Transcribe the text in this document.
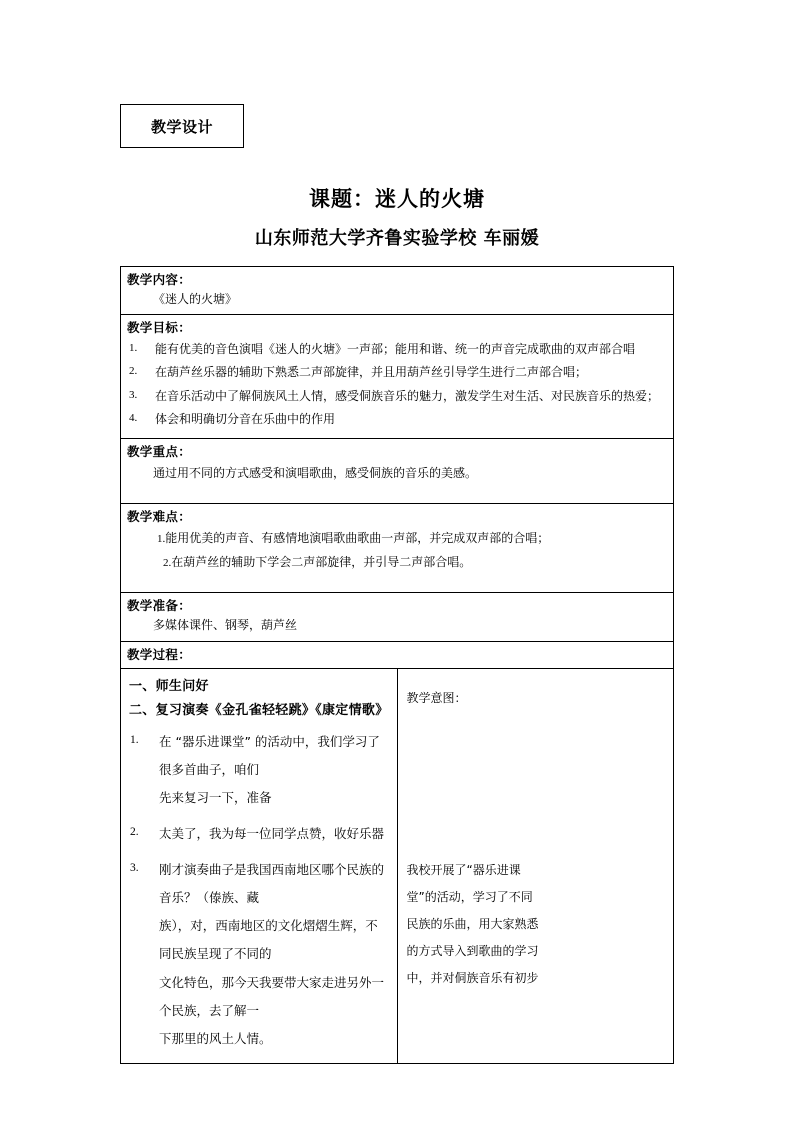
教学设计
课题：迷人的火塘
山东师范大学齐鲁实验学校 车丽媛
教学内容：
《迷人的火塘》

教学目标：
1. 能有优美的音色演唱《迷人的火塘》一声部；能用和谐、统一的声音完成歌曲的双声部合唱
2. 在葫芦丝乐器的辅助下熟悉二声部旋律，并且用葫芦丝引导学生进行二声部合唱；
3. 在音乐活动中了解侗族风土人情，感受侗族音乐的魅力，激发学生对生活、对民族音乐的热爱；
4. 体会和明确切分音在乐曲中的作用

教学重点：
通过用不同的方式感受和演唱歌曲，感受侗族的音乐的美感。

教学难点：
1.能用优美的声音、有感情地演唱歌曲歌曲一声部，并完成双声部的合唱；
2.在葫芦丝的辅助下学会二声部旋律，并引导二声部合唱。

教学准备：
多媒体课件、钢琴，葫芦丝

教学过程：

一、师生问好
二、复习演奏《金孔雀轻轻跳》《康定情歌》
1. 在 “器乐进课堂” 的活动中，我们学习了很多首曲子，咱们
先来复习一下，准备
2. 太美了，我为每一位同学点赞，收好乐器
3. 刚才演奏曲子是我国西南地区哪个民族的音乐？（傣族、藏
族），对，西南地区的文化熠熠生辉，不同民族呈现了不同的
文化特色，那今天我要带大家走进另外一个民族，去了解一
下那里的风土人情。

教学意图：
我校开展了“器乐进课
堂”的活动，学习了不同
民族的乐曲，用大家熟悉
的方式导入到歌曲的学习
中，并对侗族音乐有初步
